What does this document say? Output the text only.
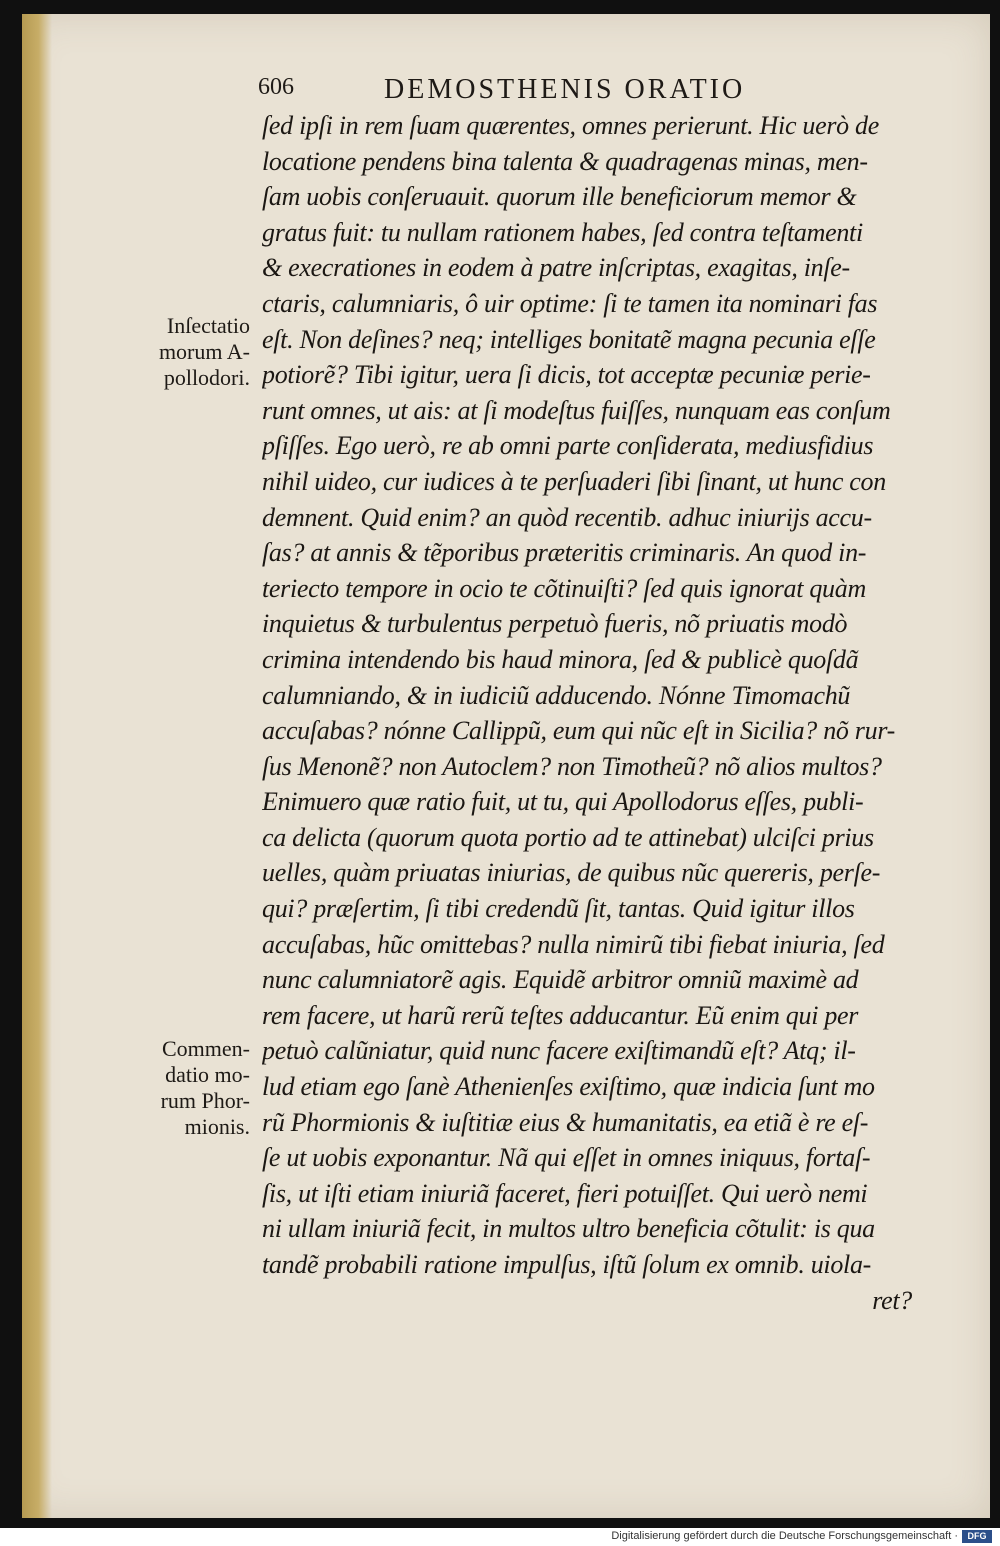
606	DEMOSTHENIS ORATIO
Inſectatio
morum A-
pollodori.
Commen-
datio mo-
rum Phor-
mionis.
ſed ipſi in rem ſuam quærentes, omnes perierunt. Hic uerò de
locatione pendens bina talenta & quadragenas minas, men-
ſam uobis conſeruauit. quorum ille beneficiorum memor &
gratus fuit: tu nullam rationem habes, ſed contra teſtamenti
& execrationes in eodem à patre inſcriptas, exagitas, inſe-
ctaris, calumniaris, ô uir optime: ſi te tamen ita nominari fas
eſt. Non deſines? neq; intelliges bonitatẽ magna pecunia eſſe
potiorẽ? Tibi igitur, uera ſi dicis, tot acceptæ pecuniæ perie-
runt omnes, ut ais: at ſi modeſtus fuiſſes, nunquam eas conſum
pſiſſes. Ego uerò, re ab omni parte conſiderata, mediusfidius
nihil uideo, cur iudices à te perſuaderi ſibi ſinant, ut hunc con
demnent. Quid enim? an quòd recentib. adhuc iniurijs accu-
ſas? at annis & tẽporibus præteritis criminaris. An quod in-
teriecto tempore in ocio te cõtinuiſti? ſed quis ignorat quàm
inquietus & turbulentus perpetuò fueris, nõ priuatis modò
crimina intendendo bis haud minora, ſed & publicè quoſdã
calumniando, & in iudiciũ adducendo. Nónne Timomachũ
accuſabas? nónne Callippũ, eum qui nũc eſt in Sicilia? nõ rur-
ſus Menonẽ? non Autoclem? non Timotheũ? nõ alios multos?
Enimuero quæ ratio fuit, ut tu, qui Apollodorus eſſes, publi-
ca delicta (quorum quota portio ad te attinebat) ulciſci prius
uelles, quàm priuatas iniurias, de quibus nũc quereris, perſe-
qui? præſertim, ſi tibi credendũ ſit, tantas. Quid igitur illos
accuſabas, hũc omittebas? nulla nimirũ tibi fiebat iniuria, ſed
nunc calumniatorẽ agis. Equidẽ arbitror omniũ maximè ad
rem facere, ut harũ rerũ teſtes adducantur. Eũ enim qui per
petuò calũniatur, quid nunc facere exiſtimandũ eſt? Atq; il-
lud etiam ego ſanè Athenienſes exiſtimo, quæ indicia ſunt mo
rũ Phormionis & iuſtitiæ eius & humanitatis, ea etiã è re eſ-
ſe ut uobis exponantur. Nã qui eſſet in omnes iniquus, fortaſ-
ſis, ut iſti etiam iniuriã faceret, fieri potuiſſet. Qui uerò nemi
ni ullam iniuriã fecit, in multos ultro beneficia cõtulit: is qua
tandẽ probabili ratione impulſus, iſtũ ſolum ex omnib. uiola-
ret?
Digitalisierung gefördert durch die Deutsche Forschungsgemeinschaft ·	DFG
